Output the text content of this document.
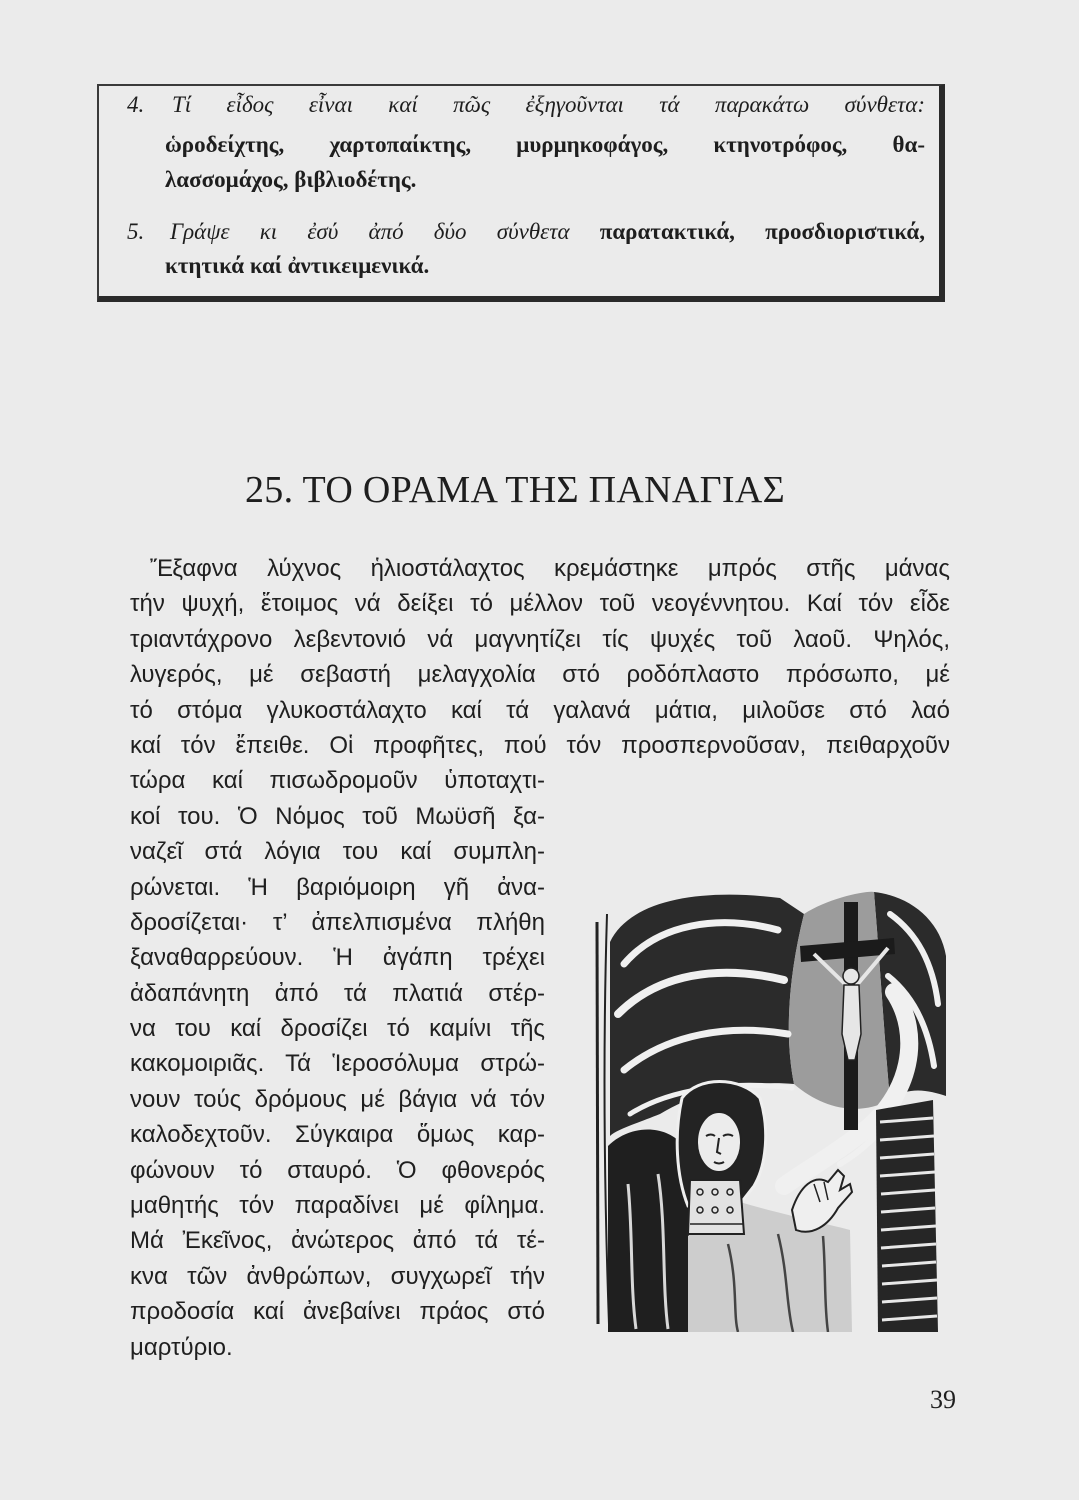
4. Τί εἶδος εἶναι καί πῶς ἐξηγοῦνται τά παρακάτω σύνθετα:
ὡροδείχτης, χαρτοπαίκτης, μυρμηκοφάγος, κτηνοτρόφος, θα-
λασσομάχος, βιβλιοδέτης.
5. Γράψε κι ἐσύ ἀπό δύο σύνθετα παρατακτικά, προσδιοριστικά,
κτητικά καί ἀντικειμενικά.
25. ΤΟ ΟΡΑΜΑ ΤΗΣ ΠΑΝΑΓΙΑΣ
Ἔξαφνα λύχνος ἡλιοστάλαχτος κρεμάστηκε μπρός στῆς μάνας
τήν ψυχή, ἕτοιμος νά δείξει τό μέλλον τοῦ νεογέννητου. Καί τόν εἶδε
τριαντάχρονο λεβεντονιό νά μαγνητίζει τίς ψυχές τοῦ λαοῦ. Ψηλός,
λυγερός, μέ σεβαστή μελαγχολία στό ροδόπλαστο πρόσωπο, μέ
τό στόμα γλυκοστάλαχτο καί τά γαλανά μάτια, μιλοῦσε στό λαό
καί τόν ἔπειθε. Οἱ προφῆτες, πού τόν προσπερνοῦσαν, πειθαρχοῦν
τώρα καί πισωδρομοῦν ὑποταχτι-
κοί του. Ὁ Νόμος τοῦ Μωϋσῆ ξα-
ναζεῖ στά λόγια του καί συμπλη-
ρώνεται. Ἡ βαριόμοιρη γῆ ἀνα-
δροσίζεται· τ’ ἀπελπισμένα πλήθη
ξαναθαρρεύουν. Ἡ ἀγάπη τρέχει
ἀδαπάνητη ἀπό τά πλατιά στέρ-
να του καί δροσίζει τό καμίνι τῆς
κακομοιριᾶς. Τά Ἱεροσόλυμα στρώ-
νουν τούς δρόμους μέ βάγια νά τόν
καλοδεχτοῦν. Σύγκαιρα ὅμως καρ-
φώνουν τό σταυρό. Ὁ φθονερός
μαθητής τόν παραδίνει μέ φίλημα.
Μά Ἐκεῖνος, ἀνώτερος ἀπό τά τέ-
κνα τῶν ἀνθρώπων, συγχωρεῖ τήν
προδοσία καί ἀνεβαίνει πράος στό
μαρτύριο.
39
